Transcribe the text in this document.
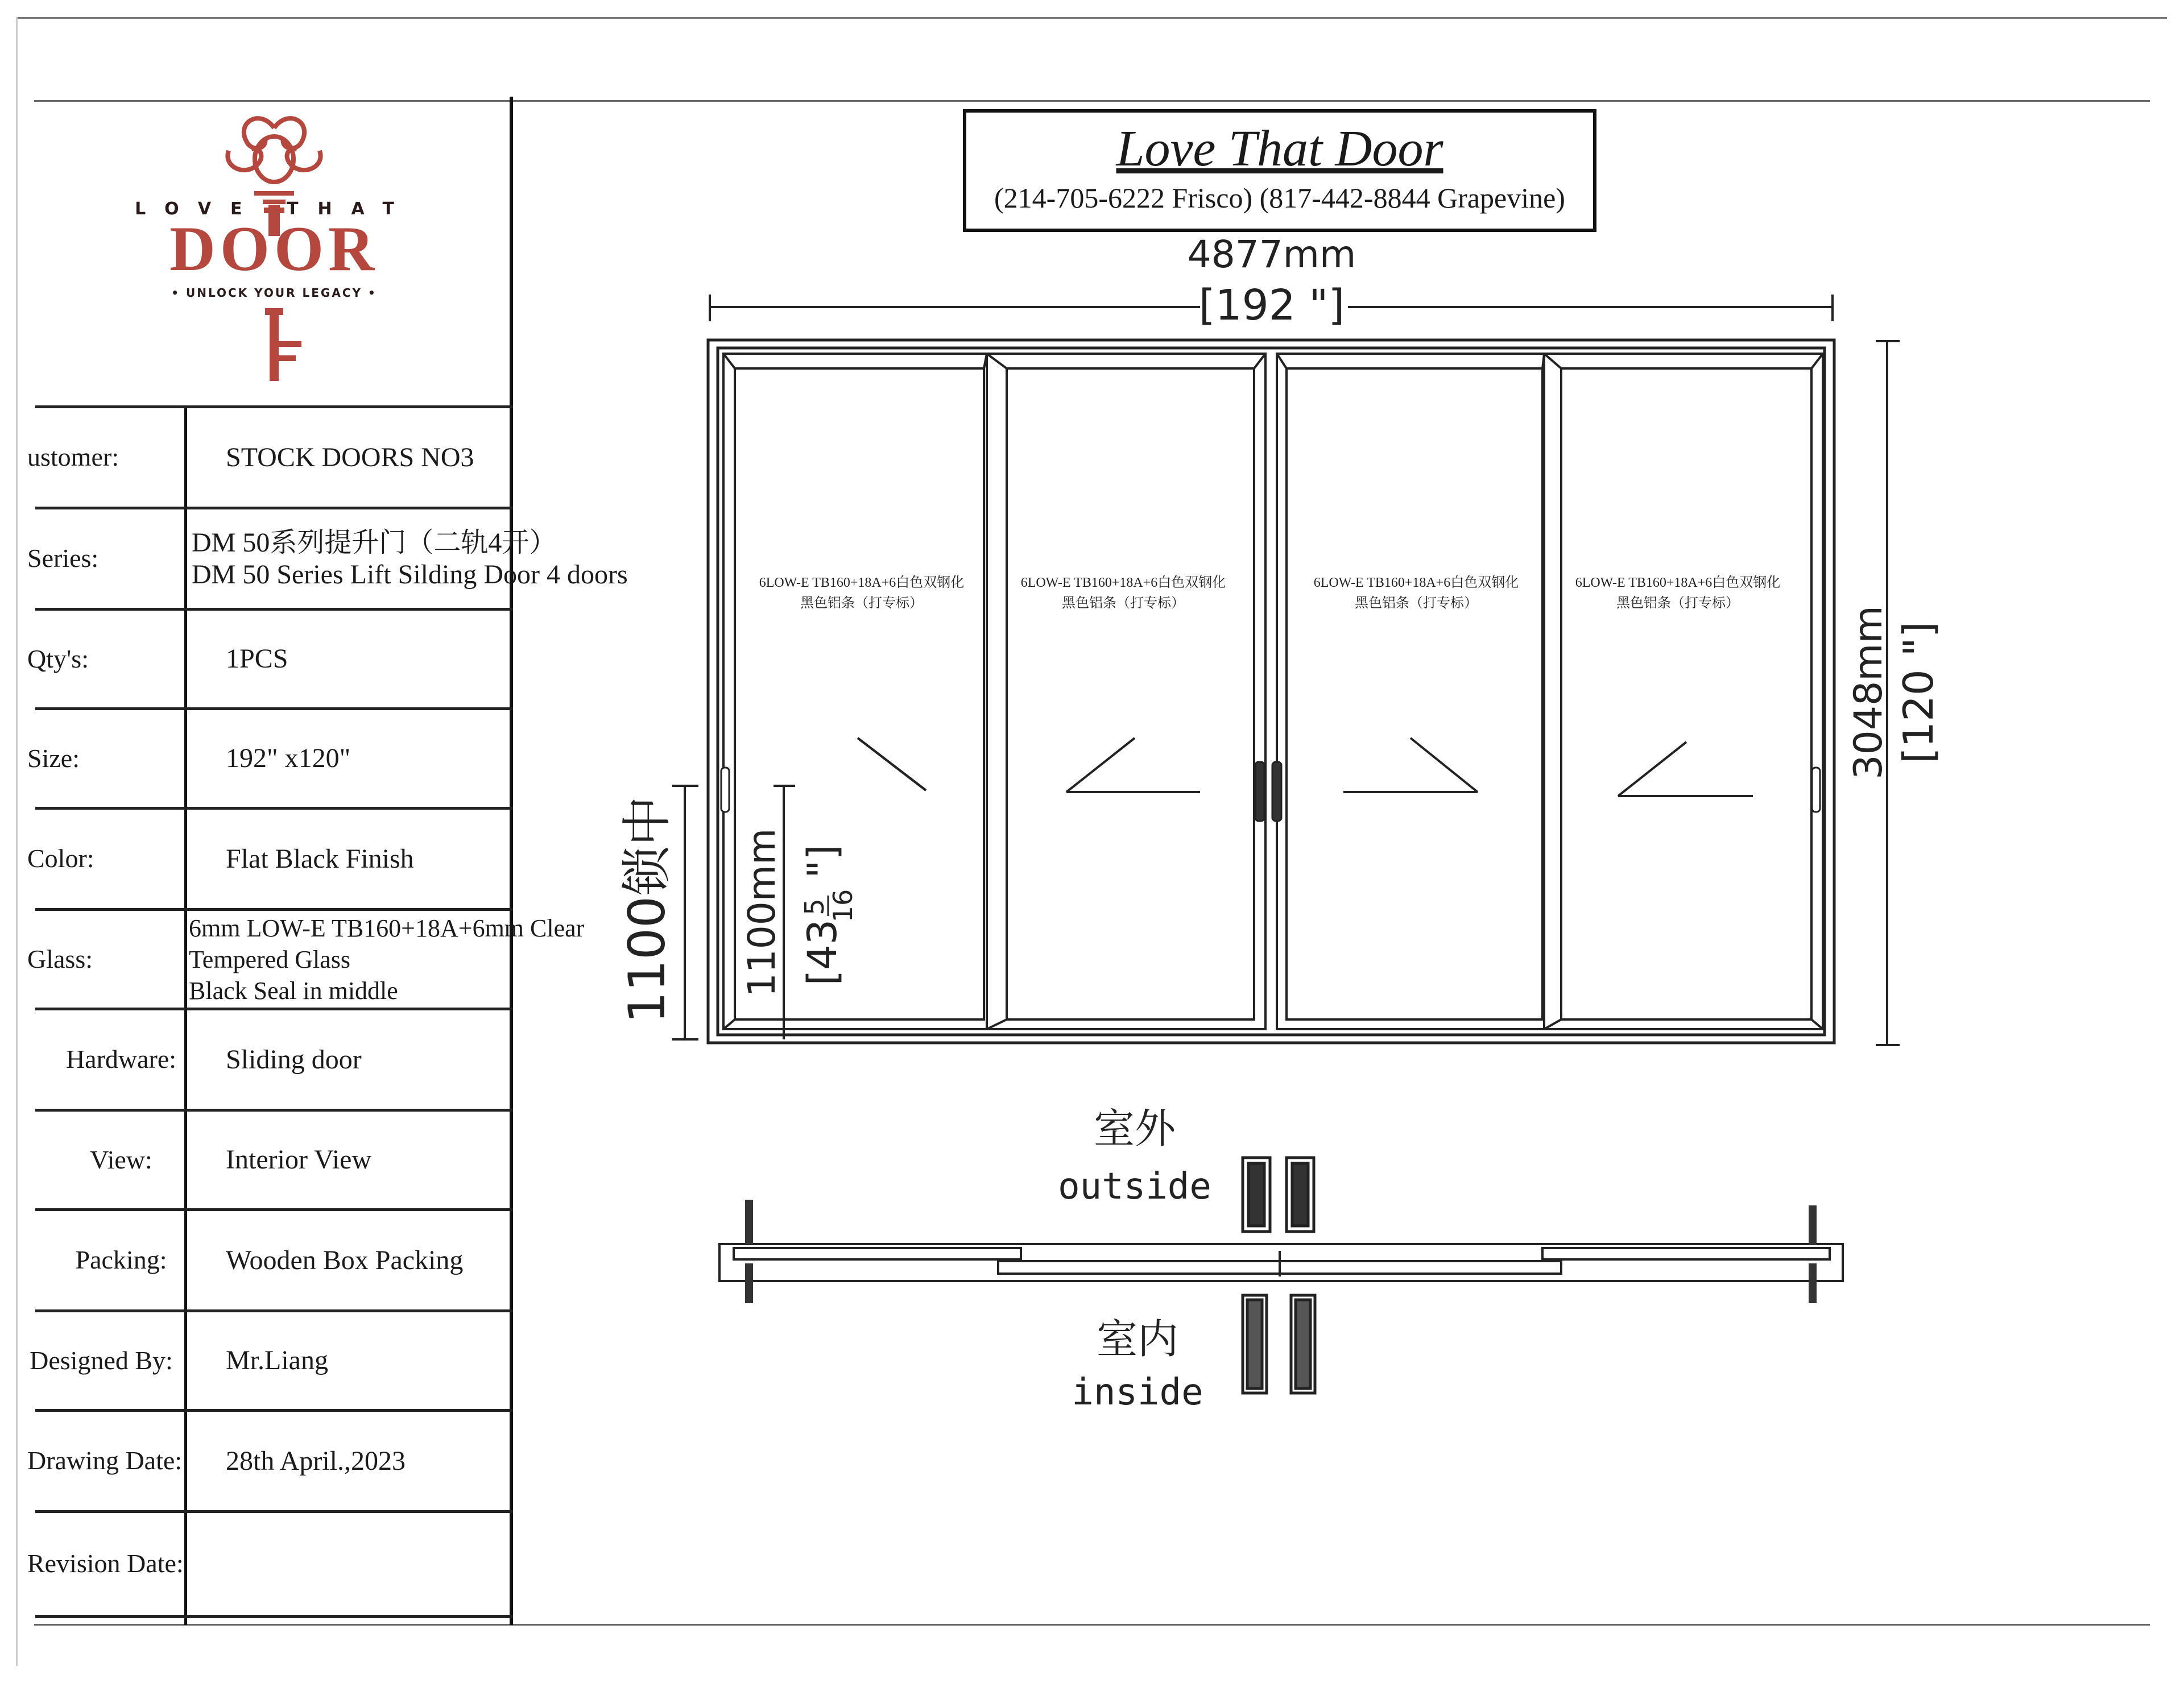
LOVE THAT
DOOR
• UNLOCK YOUR LEGACY •
ustomer:	STOCK DOORS NO3
Series:
DM 50系列提升门（二轨4开）
DM 50 Series Lift Silding Door 4 doors
Qty's:	1PCS
Size:	192" x120"
Color:	Flat Black Finish
Glass:
6mm LOW-E TB160+18A+6mm Clear
Tempered Glass
Black Seal in middle
Hardware:	Sliding door
View:	Interior View
Packing:	Wooden Box Packing
Designed By: Mr.Liang
Drawing Date:	28th April.,2023
Revision Date:
Love That Door
(214-705-6222 Frisco) (817-442-8844 Grapevine)
4877mm
[192 "]
3048mm [120 "]
1100锁中 1100mm [43
5
16
"]
6LOW-E TB160+18A+6白色双钢化
黑色铝条（打专标）
6LOW-E TB160+18A+6白色双钢化
黑色铝条（打专标）
6LOW-E TB160+18A+6白色双钢化
黑色铝条（打专标）
6LOW-E TB160+18A+6白色双钢化
黑色铝条（打专标）
室外
outside
室内
inside
